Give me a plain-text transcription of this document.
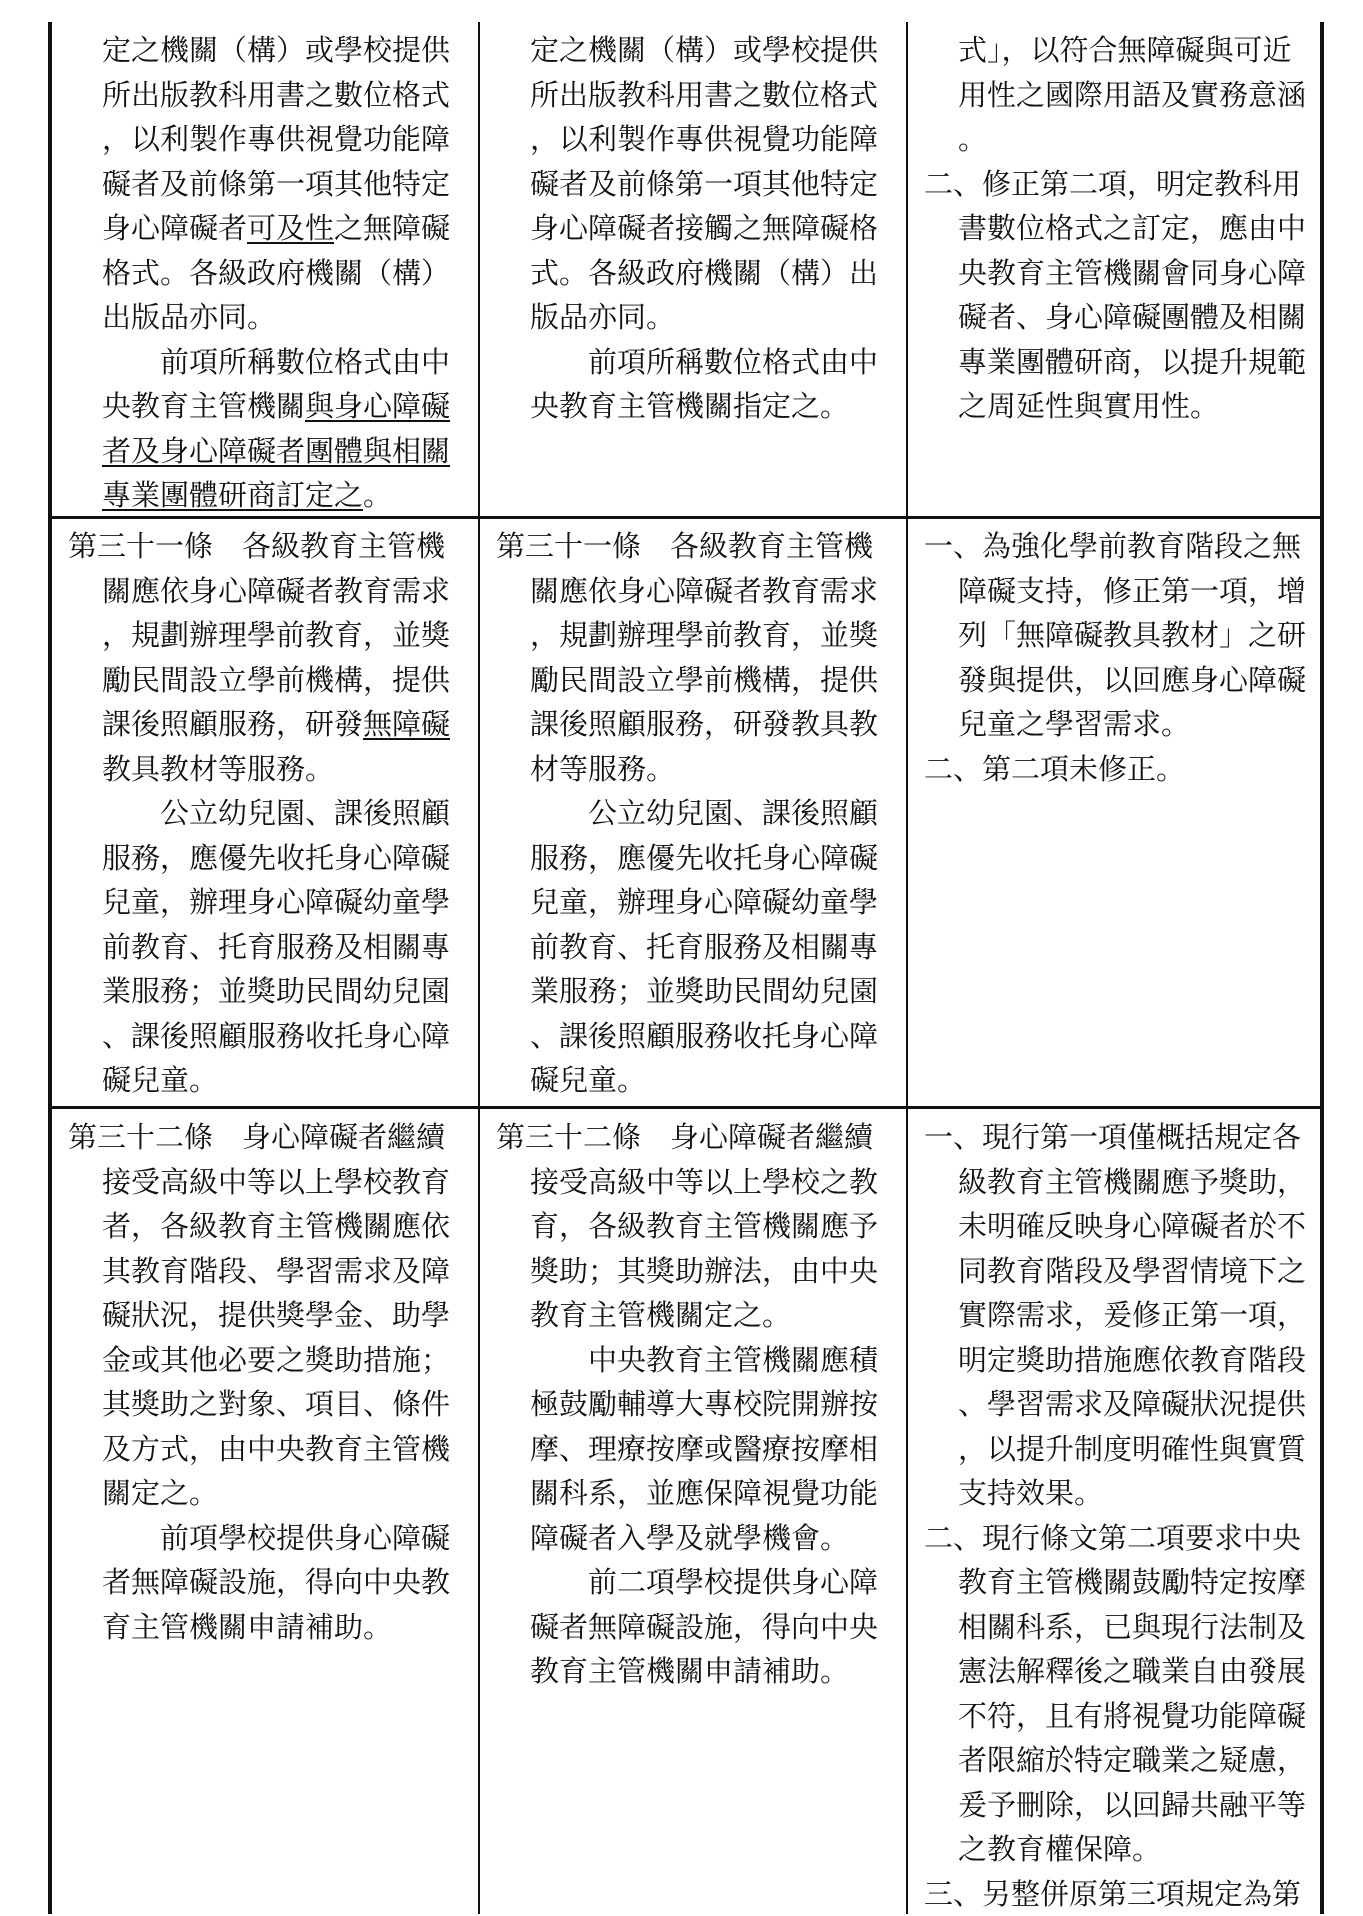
定之機關（構）或學校提供

所出版教科用書之數位格式

，以利製作專供視覺功能障

礙者及前條第一項其他特定

身心障礙者可及性之無障礙

格式。各級政府機關（構）

出版品亦同。

前項所稱數位格式由中

央教育主管機關與身心障礙

者及身心障礙者團體與相關

專業團體研商訂定之。

定之機關（構）或學校提供

所出版教科用書之數位格式

，以利製作專供視覺功能障

礙者及前條第一項其他特定

身心障礙者接觸之無障礙格

式。各級政府機關（構）出

版品亦同。

前項所稱數位格式由中

央教育主管機關指定之。

式」，以符合無障礙與可近

用性之國際用語及實務意涵

。

二、修正第二項，明定教科用

書數位格式之訂定，應由中

央教育主管機關會同身心障

礙者、身心障礙團體及相關

專業團體研商，以提升規範

之周延性與實用性。

第三十一條　各級教育主管機

關應依身心障礙者教育需求

，規劃辦理學前教育，並獎

勵民間設立學前機構，提供

課後照顧服務，研發無障礙

教具教材等服務。

公立幼兒園、課後照顧

服務，應優先收托身心障礙

兒童，辦理身心障礙幼童學

前教育、托育服務及相關專

業服務；並獎助民間幼兒園

、課後照顧服務收托身心障

礙兒童。

第三十一條　各級教育主管機

關應依身心障礙者教育需求

，規劃辦理學前教育，並獎

勵民間設立學前機構，提供

課後照顧服務，研發教具教

材等服務。

公立幼兒園、課後照顧

服務，應優先收托身心障礙

兒童，辦理身心障礙幼童學

前教育、托育服務及相關專

業服務；並獎助民間幼兒園

、課後照顧服務收托身心障

礙兒童。

一、為強化學前教育階段之無

障礙支持，修正第一項，增

列「無障礙教具教材」之研

發與提供，以回應身心障礙

兒童之學習需求。

二、第二項未修正。

第三十二條　身心障礙者繼續

接受高級中等以上學校教育

者，各級教育主管機關應依

其教育階段、學習需求及障

礙狀況，提供獎學金、助學

金或其他必要之獎助措施；

其獎助之對象、項目、條件

及方式，由中央教育主管機

關定之。

前項學校提供身心障礙

者無障礙設施，得向中央教

育主管機關申請補助。

第三十二條　身心障礙者繼續

接受高級中等以上學校之教

育，各級教育主管機關應予

獎助；其獎助辦法，由中央

教育主管機關定之。

中央教育主管機關應積

極鼓勵輔導大專校院開辦按

摩、理療按摩或醫療按摩相

關科系，並應保障視覺功能

障礙者入學及就學機會。

前二項學校提供身心障

礙者無障礙設施，得向中央

教育主管機關申請補助。

一、現行第一項僅概括規定各

級教育主管機關應予獎助，

未明確反映身心障礙者於不

同教育階段及學習情境下之

實際需求，爰修正第一項，

明定獎助措施應依教育階段

、學習需求及障礙狀況提供

，以提升制度明確性與實質

支持效果。

二、現行條文第二項要求中央

教育主管機關鼓勵特定按摩

相關科系，已與現行法制及

憲法解釋後之職業自由發展

不符，且有將視覺功能障礙

者限縮於特定職業之疑慮，

爰予刪除，以回歸共融平等

之教育權保障。

三、另整併原第三項規定為第
